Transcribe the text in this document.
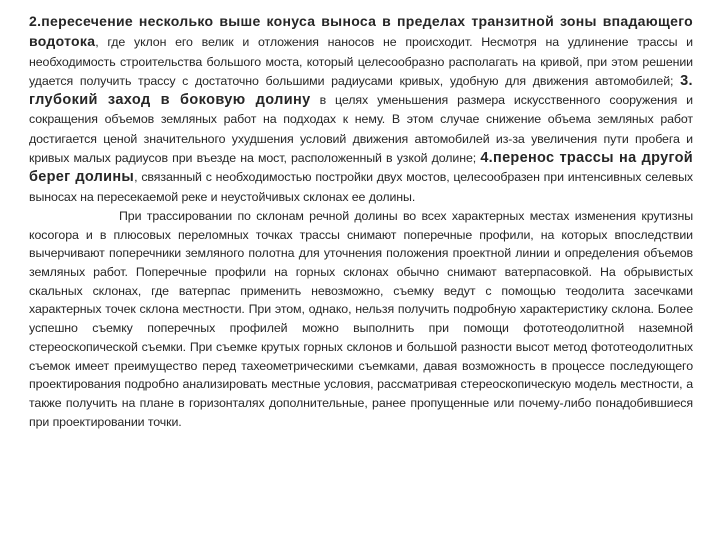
2.пересечение несколько выше конуса выноса в пределах транзитной зоны впадающего водотока, где уклон его велик и отложения наносов не происходит. Несмотря на удлинение трассы и необходимость строительства большого моста, который целесообразно располагать на кривой, при этом решении удается получить трассу с достаточно большими радиусами кривых, удобную для движения автомобилей; 3. глубокий заход в боковую долину в целях уменьшения размера искусственного сооружения и сокращения объемов земляных работ на подходах к нему. В этом случае снижение объема земляных работ достигается ценой значительного ухудшения условий движения автомобилей из-за увеличения пути пробега и кривых малых радиусов при въезде на мост, расположенный в узкой долине; 4.перенос трассы на другой берег долины, связанный с необходимостью постройки двух мостов, целесообразен при интенсивных селевых выносах на пересекаемой реке и неустойчивых склонах ее долины.

При трассировании по склонам речной долины во всех характерных местах изменения крутизны косогора и в плюсовых переломных точках трассы снимают поперечные профили, на которых впоследствии вычерчивают поперечники земляного полотна для уточнения положения проектной линии и определения объемов земляных работ. Поперечные профили на горных склонах обычно снимают ватерпасовкой. На обрывистых скальных склонах, где ватерпас применить невозможно, съемку ведут с помощью теодолита засечками характерных точек склона местности. При этом, однако, нельзя получить подробную характеристику склона. Более успешно съемку поперечных профилей можно выполнить при помощи фототеодолитной наземной стереоскопической съемки. При съемке крутых горных склонов и большой разности высот метод фототеодолитных съемок имеет преимущество перед тахеометрическими съемками, давая возможность в процессе последующего проектирования подробно анализировать местные условия, рассматривая стереоскопическую модель местности, а также получить на плане в горизонталях дополнительные, ранее пропущенные или почему-либо понадобившиеся при проектировании точки.
